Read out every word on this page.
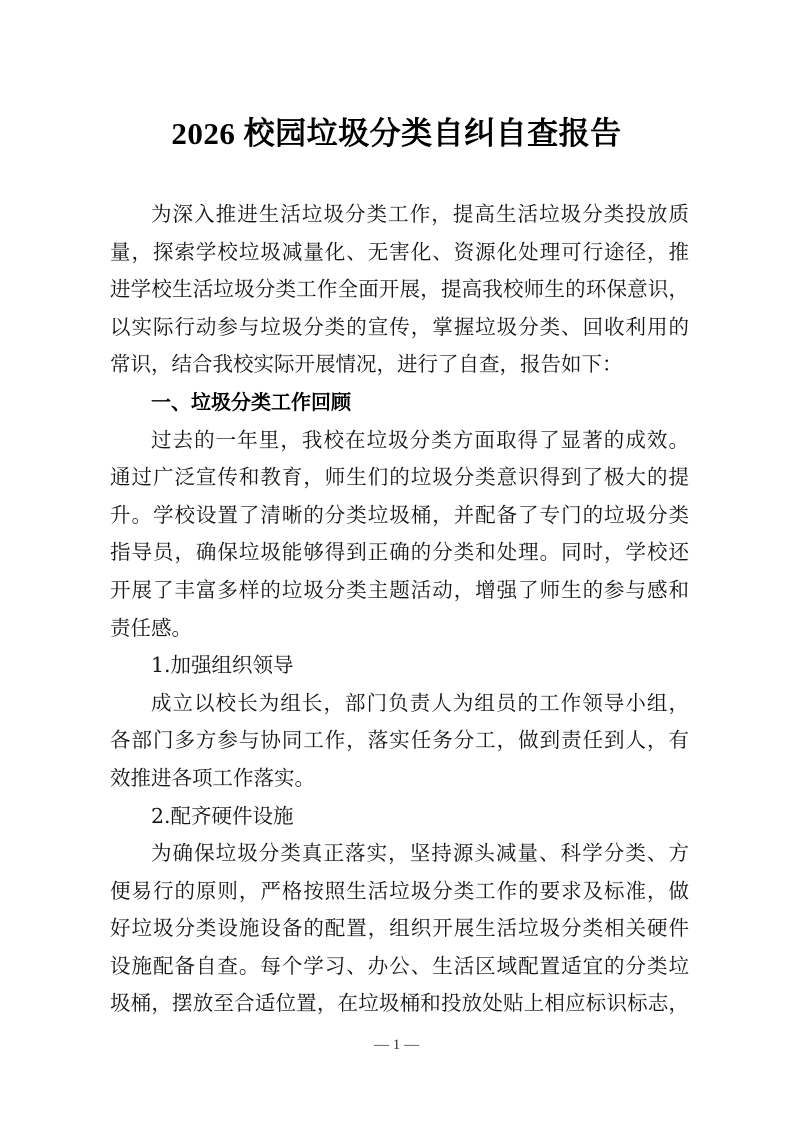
2026 校园垃圾分类自纠自查报告
为深入推进生活垃圾分类工作，提高生活垃圾分类投放质
量，探索学校垃圾减量化、无害化、资源化处理可行途径，推
进学校生活垃圾分类工作全面开展，提高我校师生的环保意识，
以实际行动参与垃圾分类的宣传，掌握垃圾分类、回收利用的
常识，结合我校实际开展情况，进行了自查，报告如下：
一、垃圾分类工作回顾
过去的一年里，我校在垃圾分类方面取得了显著的成效。
通过广泛宣传和教育，师生们的垃圾分类意识得到了极大的提
升。学校设置了清晰的分类垃圾桶，并配备了专门的垃圾分类
指导员，确保垃圾能够得到正确的分类和处理。同时，学校还
开展了丰富多样的垃圾分类主题活动，增强了师生的参与感和
责任感。
1.加强组织领导
成立以校长为组长，部门负责人为组员的工作领导小组，
各部门多方参与协同工作，落实任务分工，做到责任到人，有
效推进各项工作落实。
2.配齐硬件设施
为确保垃圾分类真正落实，坚持源头减量、科学分类、方
便易行的原则，严格按照生活垃圾分类工作的要求及标准，做
好垃圾分类设施设备的配置，组织开展生活垃圾分类相关硬件
设施配备自查。每个学习、办公、生活区域配置适宜的分类垃
圾桶，摆放至合适位置，在垃圾桶和投放处贴上相应标识标志，
— 1 —
